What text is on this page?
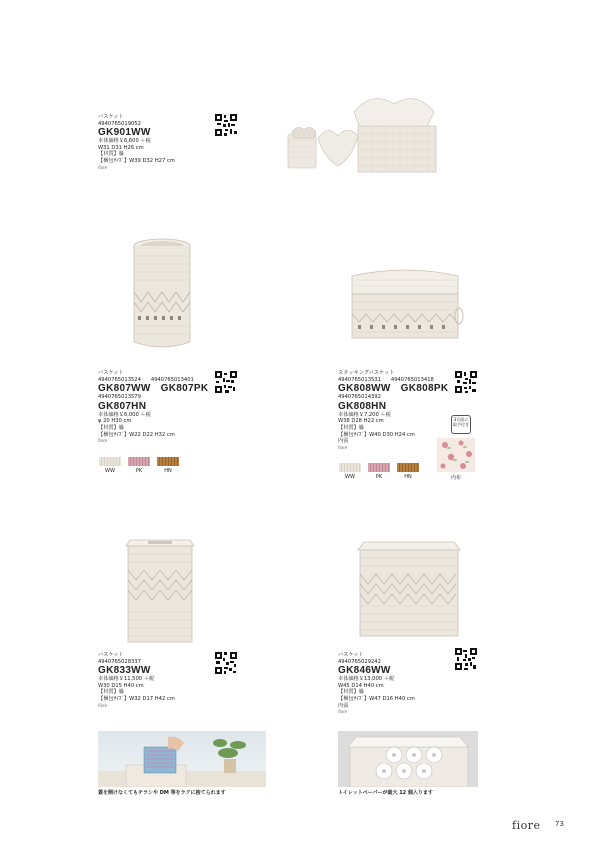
バスケット
4940765019052
GK901WW
本体価格￥6,600 ＋税
W31 D31 H26 cm
【材質】籐
【梱包ｻｲｽﾞ】W39 D32 H27 cm
fiore
バスケット
4940765013524 4940765013401
GK807WW GK807PK
4940765013579
GK807HN
本体価格￥6,000 ＋税
φ 20 H30 cm
【材質】籐
【梱包ｻｲｽﾞ】W22 D22 H32 cm
fiore
WW	PK	HN
スタッキングバスケット
4940765013531 4940765013418
GK808WW GK808PK
4940765014392
GK808HN
本体価格￥7,200 ＋税
W38 D28 H22 cm
【材質】籐
【梱包ｻｲｽﾞ】W40 D30 H24 cm
内張
fiore
3方面に
取手付き
WW	PK	HN	内布
バスケット
4940765028337
GK833WW
本体価格￥11,500 ＋税
W30 D15 H40 cm
【材質】籐
【梱包ｻｲｽﾞ】W32 D17 H42 cm
fiore
蓋を開けなくてもチラシや DM 等をラクに捨てられます
バスケット
4940765029242
GK846WW
本体価格￥13,000 ＋税
W45 D14 H40 cm
【材質】籐
【梱包ｻｲｽﾞ】W47 D16 H40 cm
内張
fiore
トイレットペーパーが最大 12 個入ります
fiore 73
